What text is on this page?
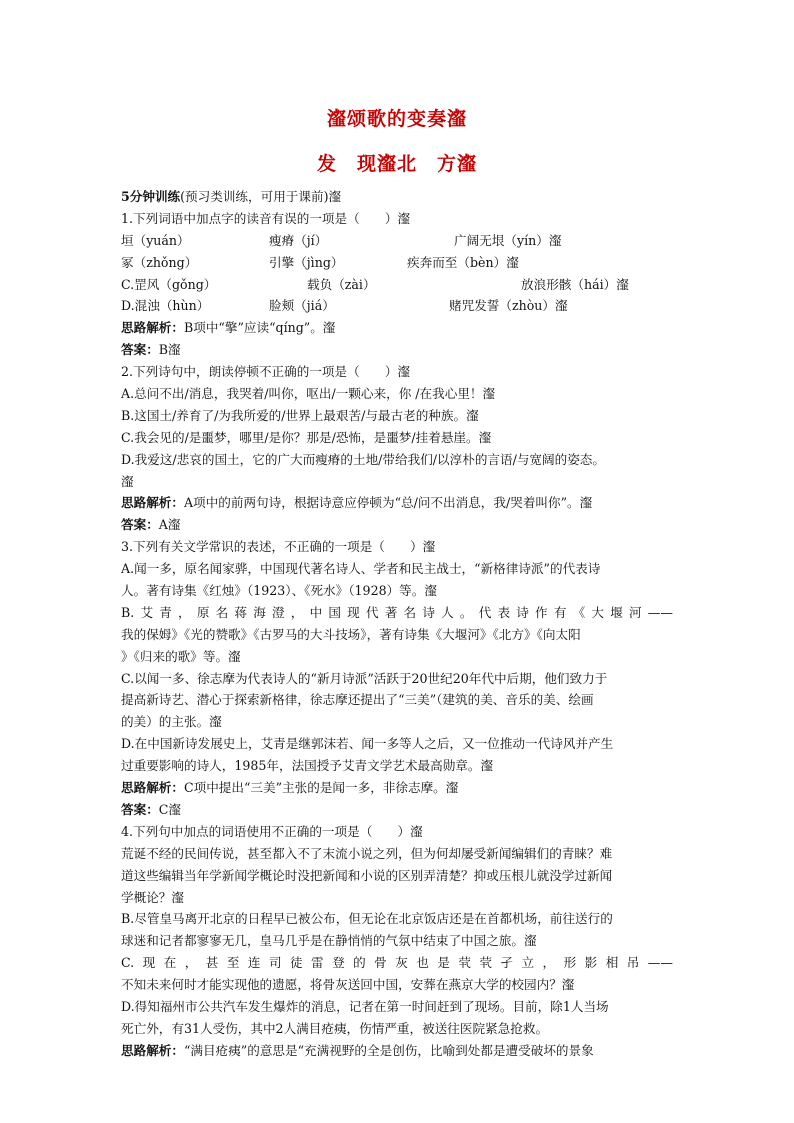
瀣颂歌的变奏瀣
发　现瀣北　方瀣
5分钟训练(预习类训练，可用于课前)瀣
1.下列词语中加点字的读音有误的一项是（　　）瀣
垣（yuán）	瘦瘠（jí）	广阔无垠（yín）瀣
冢（zhǒng）	引擎（jìng）	疾奔而至（bèn）瀣
C.罡风（gǒng）	载负（zài）	放浪形骸（hái）瀣
D.混浊（hùn）	脸颊（jiá）	赌咒发誓（zhòu）瀣
思路解析：B项中“擎”应读“qíng”。瀣
答案：B瀣
2.下列诗句中，朗读停顿不正确的一项是（　　）瀣
A.总问不出/消息，我哭着/叫你，呕出/一颗心来，你 /在我心里！瀣
B.这国土/养育了/为我所爱的/世界上最艰苦/与最古老的种族。瀣
C.我会见的/是噩梦，哪里/是你？那是/恐怖，是噩梦/挂着悬崖。瀣
D.我爱这/悲哀的国土，它的广大而瘦瘠的土地/带给我们/以淳朴的言语/与宽阔的姿态。
瀣
思路解析：A项中的前两句诗，根据诗意应停顿为“总/问不出消息，我/哭着叫你”。瀣
答案：A瀣
3.下列有关文学常识的表述，不正确的一项是（　　）瀣
A.闻一多，原名闻家骅，中国现代著名诗人、学者和民主战士，“新格律诗派”的代表诗
人。著有诗集《红烛》（1923）、《死水》（1928）等。瀣
B.艾青，原名蒋海澄，中国现代著名诗人。代表诗作有《大堰河——
我的保姆》《光的赞歌》《古罗马的大斗技场》，著有诗集《大堰河》《北方》《向太阳
》《归来的歌》等。瀣
C.以闻一多、徐志摩为代表诗人的“新月诗派”活跃于20世纪20年代中后期，他们致力于
提高新诗艺、潜心于探索新格律，徐志摩还提出了“三美”（建筑的美、音乐的美、绘画
的美）的主张。瀣
D.在中国新诗发展史上，艾青是继郭沫若、闻一多等人之后，又一位推动一代诗风并产生
过重要影响的诗人，1985年，法国授予艾青文学艺术最高勋章。瀣
思路解析：C项中提出“三美”主张的是闻一多，非徐志摩。瀣
答案：C瀣
4.下列句中加点的词语使用不正确的一项是（　　）瀣
荒诞不经的民间传说，甚至都入不了末流小说之列，但为何却屡受新闻编辑们的青睐？难
道这些编辑当年学新闻学概论时没把新闻和小说的区别弄清楚？抑或压根儿就没学过新闻
学概论？瀣
B.尽管皇马离开北京的日程早已被公布，但无论在北京饭店还是在首都机场，前往送行的
球迷和记者都寥寥无几，皇马几乎是在静悄悄的气氛中结束了中国之旅。瀣
C.现在，甚至连司徒雷登的骨灰也是茕茕孑立，形影相吊——
不知未来何时才能实现他的遗愿，将骨灰送回中国，安葬在燕京大学的校园内？瀣
D.得知福州市公共汽车发生爆炸的消息，记者在第一时间赶到了现场。目前，除1人当场
死亡外，有31人受伤，其中2人满目疮痍，伤情严重，被送往医院紧急抢救。
思路解析：“满目疮痍”的意思是“充满视野的全是创伤，比喻到处都是遭受破坏的景象
